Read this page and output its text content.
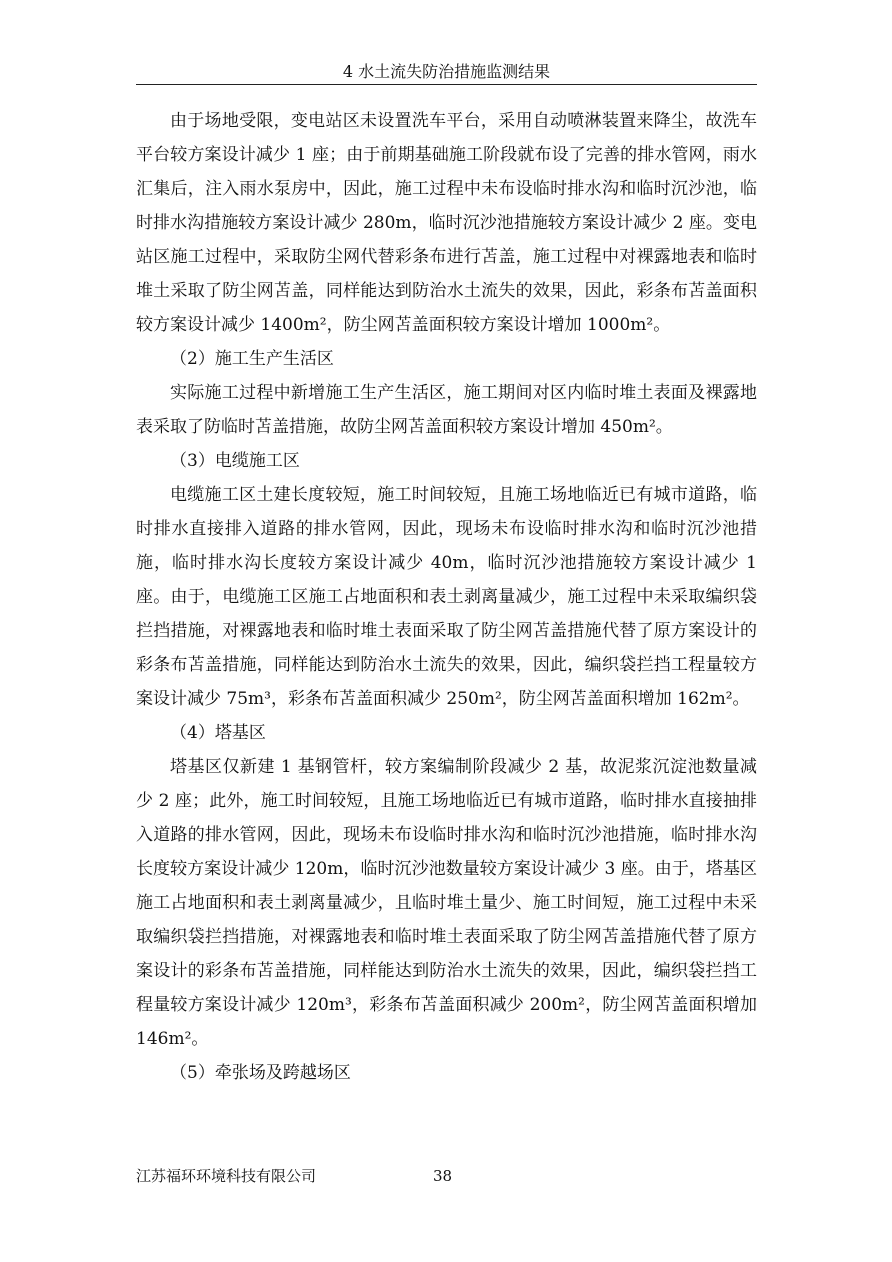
4 水土流失防治措施监测结果

由于场地受限，变电站区未设置洗车平台，采用自动喷淋装置来降尘，故洗车平台较方案设计减少 1 座；由于前期基础施工阶段就布设了完善的排水管网，雨水汇集后，注入雨水泵房中，因此，施工过程中未布设临时排水沟和临时沉沙池，临时排水沟措施较方案设计减少 280m，临时沉沙池措施较方案设计减少 2 座。变电站区施工过程中，采取防尘网代替彩条布进行苫盖，施工过程中对裸露地表和临时堆土采取了防尘网苫盖，同样能达到防治水土流失的效果，因此，彩条布苫盖面积较方案设计减少 1400m²，防尘网苫盖面积较方案设计增加 1000m²。

（2）施工生产生活区

实际施工过程中新增施工生产生活区，施工期间对区内临时堆土表面及裸露地表采取了防临时苫盖措施，故防尘网苫盖面积较方案设计增加 450m²。

（3）电缆施工区

电缆施工区土建长度较短，施工时间较短，且施工场地临近已有城市道路，临时排水直接排入道路的排水管网，因此，现场未布设临时排水沟和临时沉沙池措施，临时排水沟长度较方案设计减少 40m，临时沉沙池措施较方案设计减少 1 座。由于，电缆施工区施工占地面积和表土剥离量减少，施工过程中未采取编织袋拦挡措施，对裸露地表和临时堆土表面采取了防尘网苫盖措施代替了原方案设计的彩条布苫盖措施，同样能达到防治水土流失的效果，因此，编织袋拦挡工程量较方案设计减少 75m³，彩条布苫盖面积减少 250m²，防尘网苫盖面积增加 162m²。

（4）塔基区

塔基区仅新建 1 基钢管杆，较方案编制阶段减少 2 基，故泥浆沉淀池数量减少 2 座；此外，施工时间较短，且施工场地临近已有城市道路，临时排水直接抽排入道路的排水管网，因此，现场未布设临时排水沟和临时沉沙池措施，临时排水沟长度较方案设计减少 120m，临时沉沙池数量较方案设计减少 3 座。由于，塔基区施工占地面积和表土剥离量减少，且临时堆土量少、施工时间短，施工过程中未采取编织袋拦挡措施，对裸露地表和临时堆土表面采取了防尘网苫盖措施代替了原方案设计的彩条布苫盖措施，同样能达到防治水土流失的效果，因此，编织袋拦挡工程量较方案设计减少 120m³，彩条布苫盖面积减少 200m²，防尘网苫盖面积增加 146m²。

（5）牵张场及跨越场区
江苏福环环境科技有限公司	38
